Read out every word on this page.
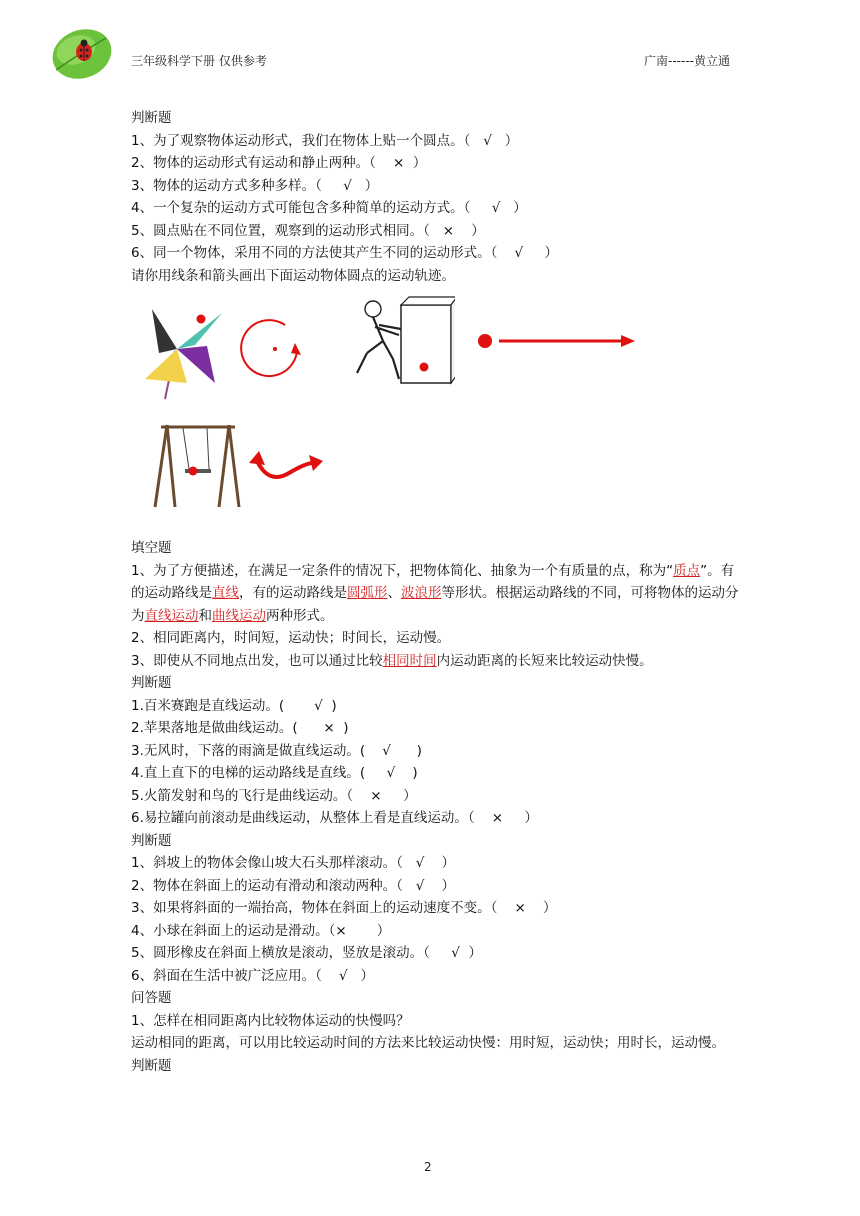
三年级科学下册 仅供参考	广南------黄立通
判断题
1、为了观察物体运动形式，我们在物体上贴一个圆点。（   √   ）
2、物体的运动形式有运动和静止两种。（    ×  ）
3、物体的运动方式多种多样。（     √   ）
4、一个复杂的运动方式可能包含多种简单的运动方式。（     √   ）
5、圆点贴在不同位置，观察到的运动形式相同。（   ×    ）
6、同一个物体，采用不同的方法使其产生不同的运动形式。（    √     ）
请你用线条和箭头画出下面运动物体圆点的运动轨迹。
填空题
1、为了方便描述，在满足一定条件的情况下，把物体简化、抽象为一个有质量的点，称为“质点”。有的运动路线是直线，有的运动路线是圆弧形、波浪形等形状。根据运动路线的不同，可将物体的运动分为直线运动和曲线运动两种形式。
2、相同距离内，时间短，运动快；时间长，运动慢。
3、即使从不同地点出发，也可以通过比较相同时间内运动距离的长短来比较运动快慢。
判断题
1.百米赛跑是直线运动。(       √  )
2.苹果落地是做曲线运动。(      ×  )
3.无风时，下落的雨滴是做直线运动。(    √      )
4.直上直下的电梯的运动路线是直线。(     √    )
5.火箭发射和鸟的飞行是曲线运动。（    ×     ）
6.易拉罐向前滚动是曲线运动，从整体上看是直线运动。（    ×     ）
判断题
1、斜坡上的物体会像山坡大石头那样滚动。（   √    ）
2、物体在斜面上的运动有滑动和滚动两种。（   √    ）
3、如果将斜面的一端抬高，物体在斜面上的运动速度不变。（    ×    ）
4、小球在斜面上的运动是滑动。（×       ）
5、圆形橡皮在斜面上横放是滚动，竖放是滚动。（     √  ）
6、斜面在生活中被广泛应用。（    √   ）
问答题
1、怎样在相同距离内比较物体运动的快慢吗？
运动相同的距离，可以用比较运动时间的方法来比较运动快慢：用时短，运动快；用时长，运动慢。
判断题
2
